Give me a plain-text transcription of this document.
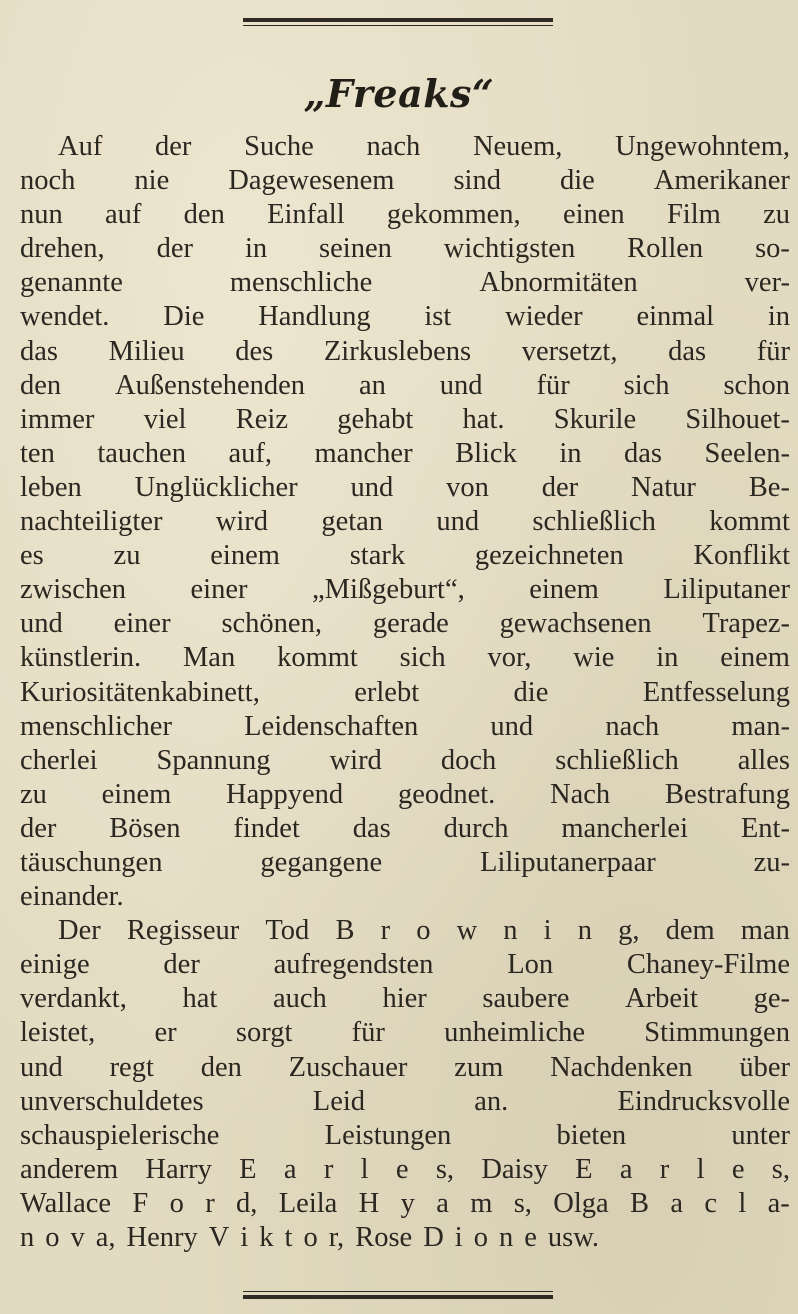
„Freaks“
Auf der Suche nach Neuem, Ungewohntem,
noch nie Dagewesenem sind die Amerikaner
nun auf den Einfall gekommen, einen Film zu
drehen, der in seinen wichtigsten Rollen so-
genannte	menschliche	Abnormitäten	ver-
wendet. Die Handlung ist wieder einmal in
das Milieu des Zirkuslebens versetzt, das für
den Außenstehenden an und für sich schon
immer viel Reiz gehabt hat. Skurile Silhouet-
ten tauchen auf, mancher Blick in das Seelen-
leben Unglücklicher und von der Natur Be-
nachteiligter wird getan und schließlich kommt
es zu einem stark gezeichneten Konflikt
zwischen einer „Mißgeburt“, einem Liliputaner
und einer schönen, gerade gewachsenen Trapez-
künstlerin. Man kommt sich vor, wie in einem
Kuriositätenkabinett,	erlebt	die	Entfesselung
menschlicher	Leidenschaften	und	nach	man-
cherlei Spannung wird doch schließlich alles
zu einem Happyend geodnet. Nach Bestrafung
der Bösen findet das durch mancherlei Ent-
täuschungen	gegangene	Liliputanerpaar	zu-
einander.
Der Regisseur Tod B r o w n i n g, dem man
einige	der	aufregendsten	Lon	Chaney-Filme
verdankt, hat auch hier saubere Arbeit ge-
leistet, er sorgt für unheimliche Stimmungen
und regt den Zuschauer zum Nachdenken über
unverschuldetes	Leid	an.	Eindrucksvolle
schauspielerische	Leistungen	bieten	unter
anderem Harry E a r l e s, Daisy E a r l e s,
Wallace F o r d, Leila H y a m s, Olga B a c l a-
n o v a, Henry V i k t o r, Rose D i o n e usw.
